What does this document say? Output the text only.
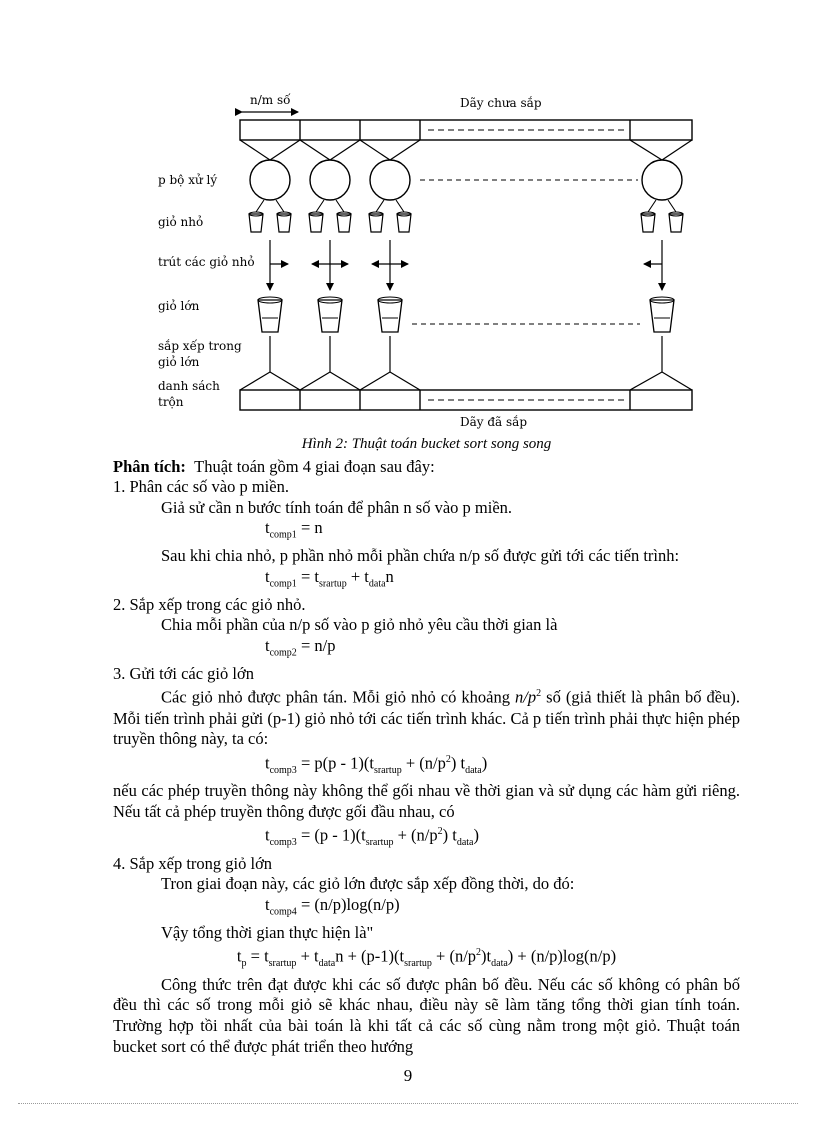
n/m số	Dãy chưa sắp
p bộ xử lý
giỏ nhỏ
trút các giỏ nhỏ
giỏ lớn
sắp xếp trong
giỏ lớn
danh sách
trộn
Dãy đã sắp
Hình 2: Thuật toán bucket sort song song

Phân tích: Thuật toán gồm 4 giai đoạn sau đây:

1. Phân các số vào p miền.

Giả sử cần n bước tính toán để phân n số vào p miền.

$t_{comp1} = n$

Sau khi chia nhỏ, p phần nhỏ mỗi phần chứa n/p số được gửi tới các tiến trình:

$t_{comp1} = t_{srartup} + t_{data}n$

2. Sắp xếp trong các giỏ nhỏ.

Chia mỗi phần của n/p số vào p giỏ nhỏ yêu cầu thời gian là

$t_{comp2} = n/p$

3. Gửi tới các giỏ lớn

Các giỏ nhỏ được phân tán. Mỗi giỏ nhỏ có khoảng $n/p^2$ số (giả thiết là phân bố đều). Mỗi tiến trình phải gửi (p-1) giỏ nhỏ tới các tiến trình khác. Cả p tiến trình phải thực hiện phép truyền thông này, ta có:

$t_{comp3} = p(p - 1)(t_{srartup} + (n/p^2)$ $t_{data}$)

nếu các phép truyền thông này không thể gối nhau về thời gian và sử dụng các hàm gửi riêng. Nếu tất cả phép truyền thông được gối đầu nhau, có

$t_{comp3} = (p - 1)(t_{srartup} + (n/p^2)$ $t_{data}$)

4. Sắp xếp trong giỏ lớn

Tron giai đoạn này, các giỏ lớn được sắp xếp đồng thời, do đó:

$t_{comp4} = (n/p)\log(n/p)$

Vậy tổng thời gian thực hiện là"

$t_p = t_{srartup} + t_{data}n + (p-1)(t_{srartup} + (n/p^2)t_{data}) + (n/p)\log(n/p)$

Công thức trên đạt được khi các số được phân bố đều. Nếu các số không có phân bố đều thì các số trong mỗi giỏ sẽ khác nhau, điều này sẽ làm tăng tổng thời gian tính toán. Trường hợp tồi nhất của bài toán là khi tất cả các số cùng nằm trong một giỏ. Thuật toán bucket sort có thể được phát triển theo hướng

9
